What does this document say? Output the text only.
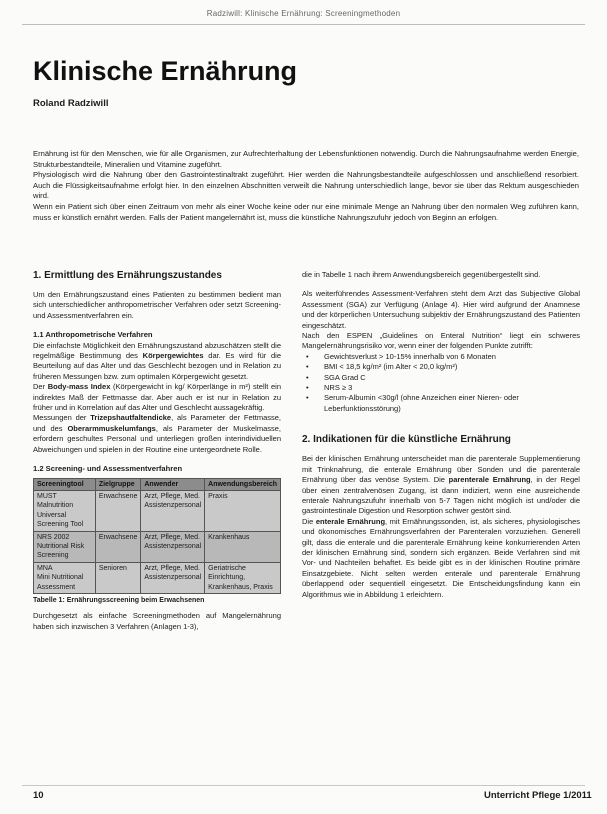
Radziwill: Klinische Ernährung: Screeningmethoden
Klinische Ernährung
Roland Radziwill

Ernährung ist für den Menschen, wie für alle Organismen, zur Aufrechterhaltung der Lebensfunktionen notwendig. Durch die Nahrungsaufnahme werden Energie, Strukturbestandteile, Mineralien und Vitamine zugeführt.

Physiologisch wird die Nahrung über den Gastrointestinaltrakt zugeführt. Hier werden die Nahrungsbestandteile aufgeschlossen und anschließend resorbiert. Auch die Flüssigkeitsaufnahme erfolgt hier. In den einzelnen Abschnitten verweilt die Nahrung unterschiedlich lange, bevor sie über das Rektum ausgeschieden wird.

Wenn ein Patient sich über einen Zeitraum von mehr als einer Woche keine oder nur eine minimale Menge an Nahrung über den normalen Weg zuführen kann, muss er künstlich ernährt werden. Falls der Patient mangelernährt ist, muss die künstliche Nahrungszufuhr jedoch von Beginn an erfolgen.

1. Ermittlung des Ernährungszustandes

Um den Ernährungszustand eines Patienten zu bestimmen bedient man sich unterschiedlicher anthropometrischer Verfahren oder setzt Screening- und Assessmentverfahren ein.

1.1 Anthropometrische Verfahren

Die einfachste Möglichkeit den Ernährungszustand abzuschätzen stellt die regelmäßige Bestimmung des Körpergewichtes dar. Es wird für die Beurteilung auf das Alter und das Geschlecht bezogen und in Relation zu früheren Messungen bzw. zum optimalen Körpergewicht gesetzt.

Der Body-mass Index (Körpergewicht in kg/ Körperlänge in m²) stellt ein indirektes Maß der Fettmasse dar. Aber auch er ist nur in Relation zu früher und in Korrelation auf das Alter und Geschlecht aussagekräftig.

Messungen der Trizepshautfaltendicke, als Parameter der Fettmasse, und des Oberarmmuskelumfangs, als Parameter der Muskelmasse, erfordern geschultes Personal und unterliegen großen interindividuellen Abweichungen und spielen in der Routine eine untergeordnete Rolle.

1.2 Screening- und Assessmentverfahren
Screeningtool	Zielgruppe	Anwender	Anwendungsbereich
MUST
Malnutrition Universal Screening Tool	Erwachsene	Arzt, Pflege, Med. Assistenzpersonal	Praxis
NRS 2002
Nutritional Risk Screening	Erwachsene	Arzt, Pflege, Med. Assistenzpersonal	Krankenhaus
MNA
Mini Nutritional Assessment	Senioren	Arzt, Pflege, Med. Assistenzpersonal	Geriatrische Einrichtung, Krankenhaus, Praxis
Tabelle 1: Ernährungsscreening beim Erwachsenen

Durchgesetzt als einfache Screeningmethoden auf Mangelernährung haben sich inzwischen 3 Verfahren (Anlagen 1-3),

die in Tabelle 1 nach ihrem Anwendungsbereich gegenübergestellt sind.

Als weiterführendes Assessment-Verfahren steht dem Arzt das Subjective Global Assessment (SGA) zur Verfügung (Anlage 4). Hier wird aufgrund der Anamnese und der körperlichen Untersuchung subjektiv der Ernährungszustand des Patienten eingeschätzt.

Nach den ESPEN „Guidelines on Enteral Nutrition“ liegt ein schweres Mangelernährungsrisiko vor, wenn einer der folgenden Punkte zutrifft:

• Gewichtsverlust > 10-15% innerhalb von 6 Monaten
• BMI < 18,5 kg/m² (im Alter < 20,0 kg/m²)
• SGA Grad C
• NRS ≥ 3
• Serum-Albumin <30g/l (ohne Anzeichen einer Nieren- oder Leberfunktionsstörung)
2. Indikationen für die künstliche Ernährung

Bei der klinischen Ernährung unterscheidet man die parenterale Supplementierung mit Trinknahrung, die enterale Ernährung über Sonden und die parenterale Ernährung über das venöse System. Die parenterale Ernährung, in der Regel über einen zentralvenösen Zugang, ist dann indiziert, wenn eine ausreichende enterale Nahrungszufuhr innerhalb von 5-7 Tagen nicht möglich ist und/oder die gastrointestinale Digestion und Resorption schwer gestört sind.

Die enterale Ernährung, mit Ernährungssonden, ist, als sicheres, physiologisches und ökonomisches Ernährungsverfahren der Parenteralen vorzuziehen. Generell gilt, dass die enterale und die parenterale Ernährung keine konkurrierenden Arten der klinischen Ernährung sind, sondern sich ergänzen. Beide Verfahren sind mit Vor- und Nachteilen behaftet. Es beide gibt es in der klinischen Routine primäre Einsatzgebiete. Nicht selten werden enterale und parenterale Ernährung überlappend oder sequentiell eingesetzt. Die Entscheidungsfindung kann ein Algorithmus wie in Abbildung 1 erleichtern.

10	Unterricht Pflege 1/2011
